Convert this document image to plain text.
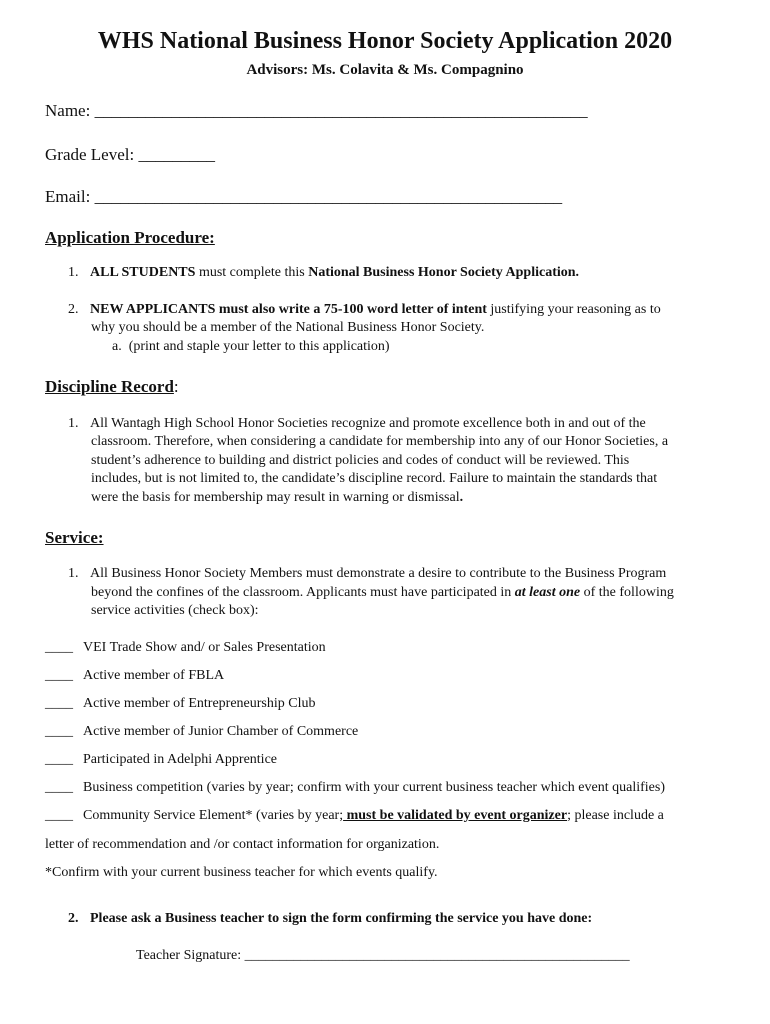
WHS National Business Honor Society Application 2020
Advisors: Ms. Colavita & Ms. Compagnino
Name: __________________________________________________________
Grade Level: _________
Email: _______________________________________________________
Application Procedure:
1. ALL STUDENTS must complete this National Business Honor Society Application.
2. NEW APPLICANTS must also write a 75-100 word letter of intent justifying your reasoning as to
why you should be a member of the National Business Honor Society.
a. (print and staple your letter to this application)
Discipline Record:
1. All Wantagh High School Honor Societies recognize and promote excellence both in and out of the
classroom. Therefore, when considering a candidate for membership into any of our Honor Societies, a
student’s adherence to building and district policies and codes of conduct will be reviewed. This
includes, but is not limited to, the candidate’s discipline record. Failure to maintain the standards that
were the basis for membership may result in warning or dismissal.
Service:
1. All Business Honor Society Members must demonstrate a desire to contribute to the Business Program
beyond the confines of the classroom. Applicants must have participated in at least one of the following
service activities (check box):
____ VEI Trade Show and/ or Sales Presentation
____ Active member of FBLA
____ Active member of Entrepreneurship Club
____ Active member of Junior Chamber of Commerce
____ Participated in Adelphi Apprentice
____ Business competition (varies by year; confirm with your current business teacher which event qualifies)
____ Community Service Element* (varies by year; must be validated by event organizer; please include a
letter of recommendation and /or contact information for organization.
*Confirm with your current business teacher for which events qualify.
2. Please ask a Business teacher to sign the form confirming the service you have done:
Teacher Signature: _______________________________________________________
